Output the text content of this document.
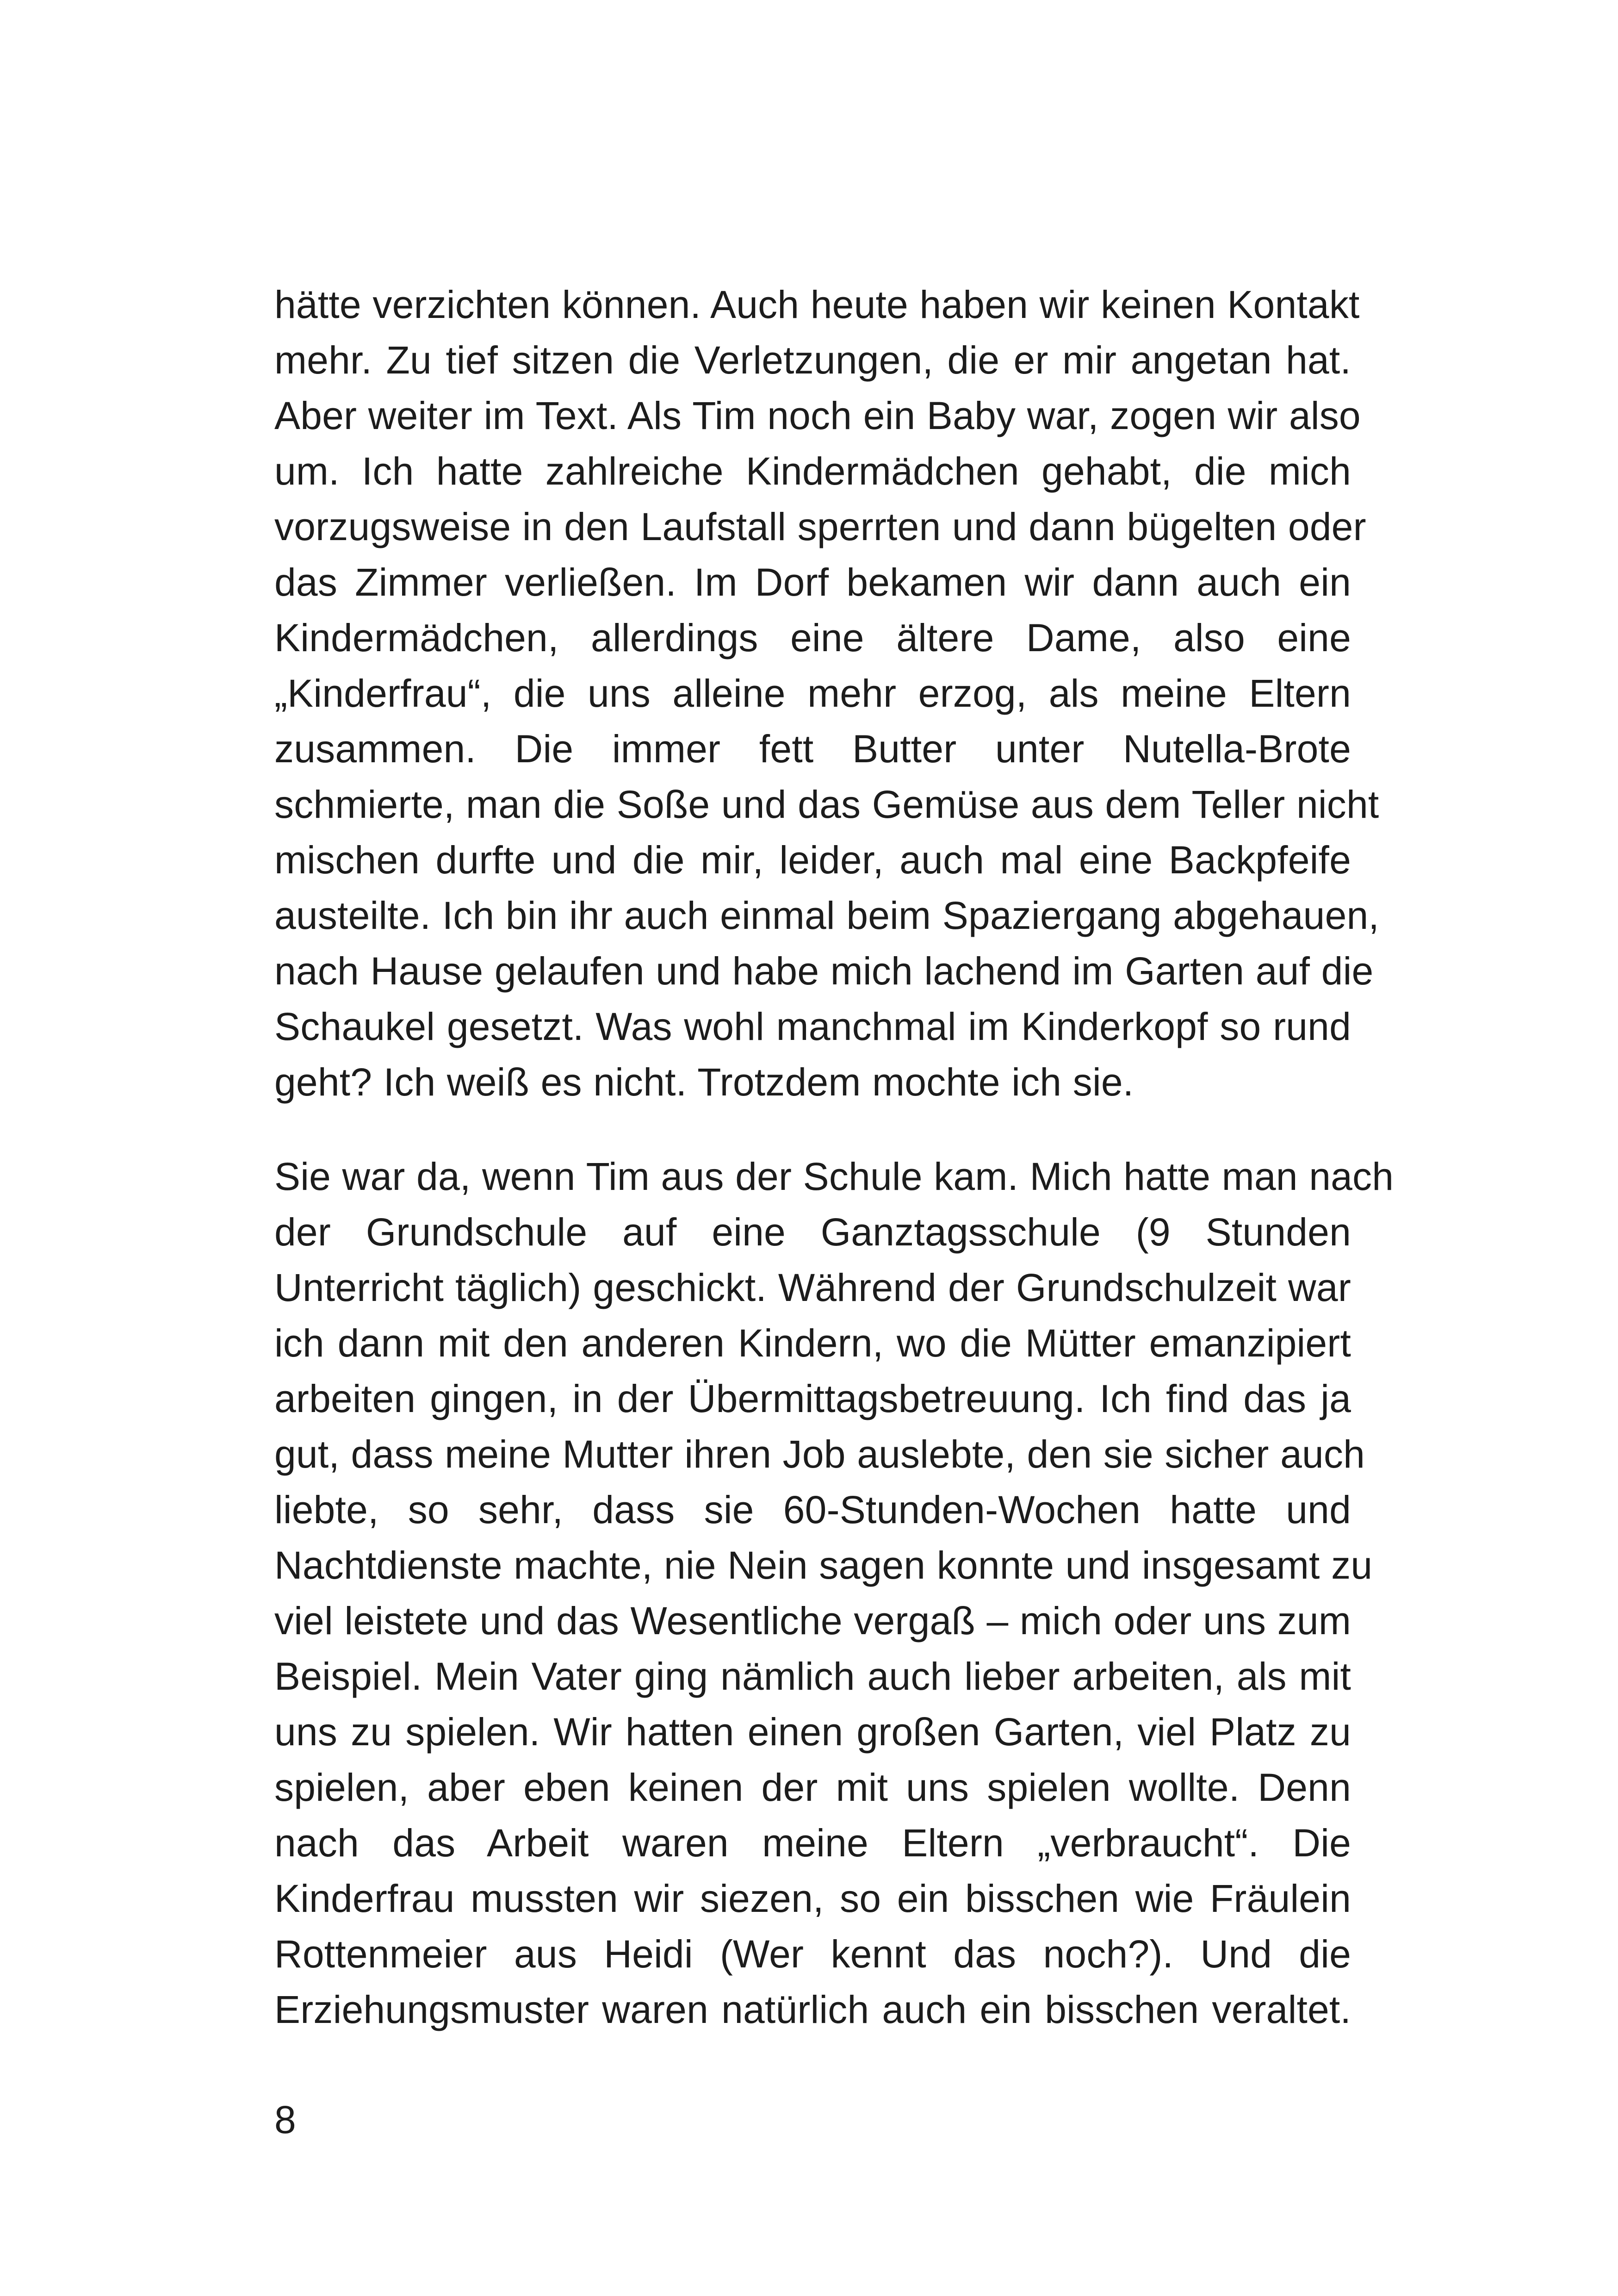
hätte verzichten können. Auch heute haben wir keinen Kontakt
mehr. Zu tief sitzen die Verletzungen, die er mir angetan hat.
Aber weiter im Text. Als Tim noch ein Baby war, zogen wir also
um. Ich hatte zahlreiche Kindermädchen gehabt, die mich
vorzugsweise in den Laufstall sperrten und dann bügelten oder
das Zimmer verließen. Im Dorf bekamen wir dann auch ein
Kindermädchen, allerdings eine ältere Dame, also eine
„Kinderfrau“, die uns alleine mehr erzog, als meine Eltern
zusammen. Die immer fett Butter unter Nutella-Brote
schmierte, man die Soße und das Gemüse aus dem Teller nicht
mischen durfte und die mir, leider, auch mal eine Backpfeife
austeilte. Ich bin ihr auch einmal beim Spaziergang abgehauen,
nach Hause gelaufen und habe mich lachend im Garten auf die
Schaukel gesetzt. Was wohl manchmal im Kinderkopf so rund
geht? Ich weiß es nicht. Trotzdem mochte ich sie.
Sie war da, wenn Tim aus der Schule kam. Mich hatte man nach
der Grundschule auf eine Ganztagsschule (9 Stunden
Unterricht täglich) geschickt. Während der Grundschulzeit war
ich dann mit den anderen Kindern, wo die Mütter emanzipiert
arbeiten gingen, in der Übermittagsbetreuung. Ich find das ja
gut, dass meine Mutter ihren Job auslebte, den sie sicher auch
liebte, so sehr, dass sie 60-Stunden-Wochen hatte und
Nachtdienste machte, nie Nein sagen konnte und insgesamt zu
viel leistete und das Wesentliche vergaß – mich oder uns zum
Beispiel. Mein Vater ging nämlich auch lieber arbeiten, als mit
uns zu spielen. Wir hatten einen großen Garten, viel Platz zu
spielen, aber eben keinen der mit uns spielen wollte. Denn
nach das Arbeit waren meine Eltern „verbraucht“. Die
Kinderfrau mussten wir siezen, so ein bisschen wie Fräulein
Rottenmeier aus Heidi (Wer kennt das noch?). Und die
Erziehungsmuster waren natürlich auch ein bisschen veraltet.
8
